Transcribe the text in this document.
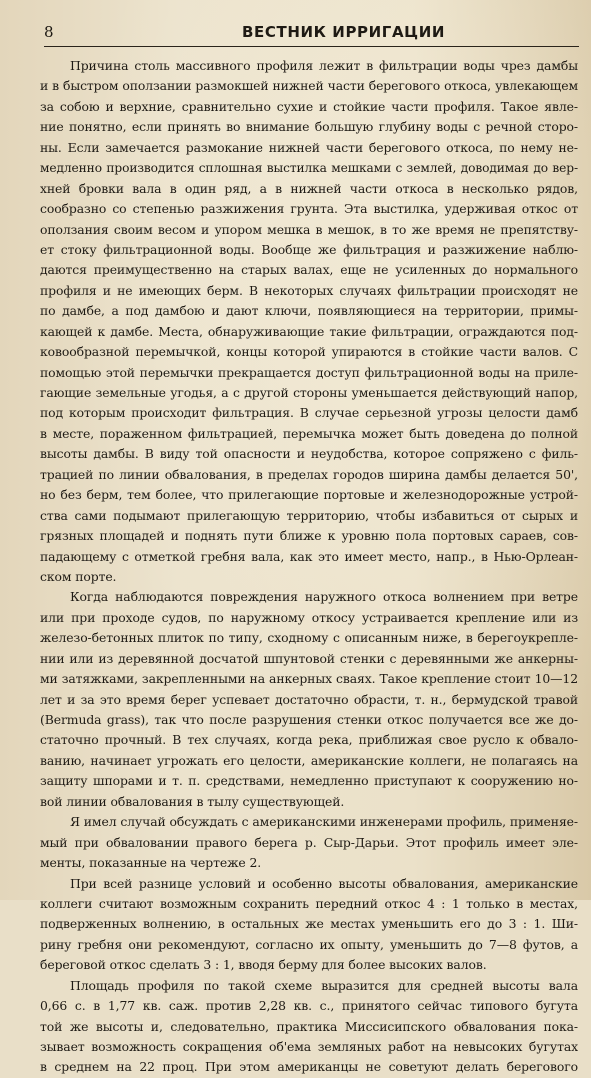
8	ВЕСТНИК ИРРИГАЦИИ
Причина столь массивного профиля лежит в фильтрации воды чрез дамбы
и в быстром оползании размокшей нижней части берегового откоса, увлекающем
за собою и верхние, сравнительно сухие и стойкие части профиля. Такое явле-
ние понятно, если принять во внимание большую глубину воды с речной сторо-
ны. Если замечается размокание нижней части берегового откоса, по нему не-
медленно производится сплошная выстилка мешками с землей, доводимая до вер-
хней бровки вала в один ряд, а в нижней части откоса в несколько рядов,
сообразно со степенью разжижения грунта. Эта выстилка, удерживая откос от
оползания своим весом и упором мешка в мешок, в то же время не препятству-
ет стоку фильтрационной воды. Вообще же фильтрация и разжижение наблю-
даются преимущественно на старых валах, еще не усиленных до нормального
профиля и не имеющих берм. В некоторых случаях фильтрации происходят не
по дамбе, а под дамбою и дают ключи, появляющиеся на территории, примы-
кающей к дамбе. Места, обнаруживающие такие фильтрации, ограждаются под-
ковообразной перемычкой, концы которой упираются в стойкие части валов. С
помощью этой перемычки прекращается доступ фильтрационной воды на приле-
гающие земельные угодья, а с другой стороны уменьшается действующий напор,
под которым происходит фильтрация. В случае серьезной угрозы целости дамб
в месте, пораженном фильтрацией, перемычка может быть доведена до полной
высоты дамбы. В виду той опасности и неудобства, которое сопряжено с филь-
трацией по линии обвалования, в пределах городов ширина дамбы делается 50',
но без берм, тем более, что прилегающие портовые и железнодорожные устрой-
ства сами подымают прилегающую территорию, чтобы избавиться от сырых и
грязных площадей и поднять пути ближе к уровню пола портовых сараев, сов-
падающему с отметкой гребня вала, как это имеет место, напр., в Нью-Орлеан-
ском порте.
Когда наблюдаются повреждения наружного откоса волнением при ветре
или при проходе судов, по наружному откосу устраивается крепление или из
железо-бетонных плиток по типу, сходному с описанным ниже, в берегоукрепле-
нии или из деревянной досчатой шпунтовой стенки с деревянными же анкерны-
ми затяжками, закрепленными на анкерных сваях. Такое крепление стоит 10—12
лет и за это время берег успевает достаточно обрасти, т. н., бермудской травой
(Bermuda grass), так что после разрушения стенки откос получается все же до-
статочно прочный. В тех случаях, когда река, приближая свое русло к обвало-
ванию, начинает угрожать его целости, американские коллеги, не полагаясь на
защиту шпорами и т. п. средствами, немедленно приступают к сооружению но-
вой линии обвалования в тылу существующей.
Я имел случай обсуждать с американскими инженерами профиль, применяе-
мый при обваловании правого берега р. Сыр-Дарьи. Этот профиль имеет эле-
менты, показанные на чертеже 2.
При всей разнице условий и особенно высоты обвалования, американские
коллеги считают возможным сохранить передний откос 4 : 1 только в местах,
подверженных волнению, в остальных же местах уменьшить его до 3 : 1. Ши-
рину гребня они рекомендуют, согласно их опыту, уменьшить до 7—8 футов, а
береговой откос сделать 3 : 1, вводя берму для более высоких валов.
Площадь профиля по такой схеме выразится для средней высоты вала
0,66 с. в 1,77 кв. саж. против 2,28 кв. с., принятого сейчас типового бугута
той же высоты и, следовательно, практика Миссисипского обвалования пока-
зывает возможность сокращения об'ема земляных работ на невысоких бугутах
в среднем на 22 проц. При этом американцы не советуют делать берегового
